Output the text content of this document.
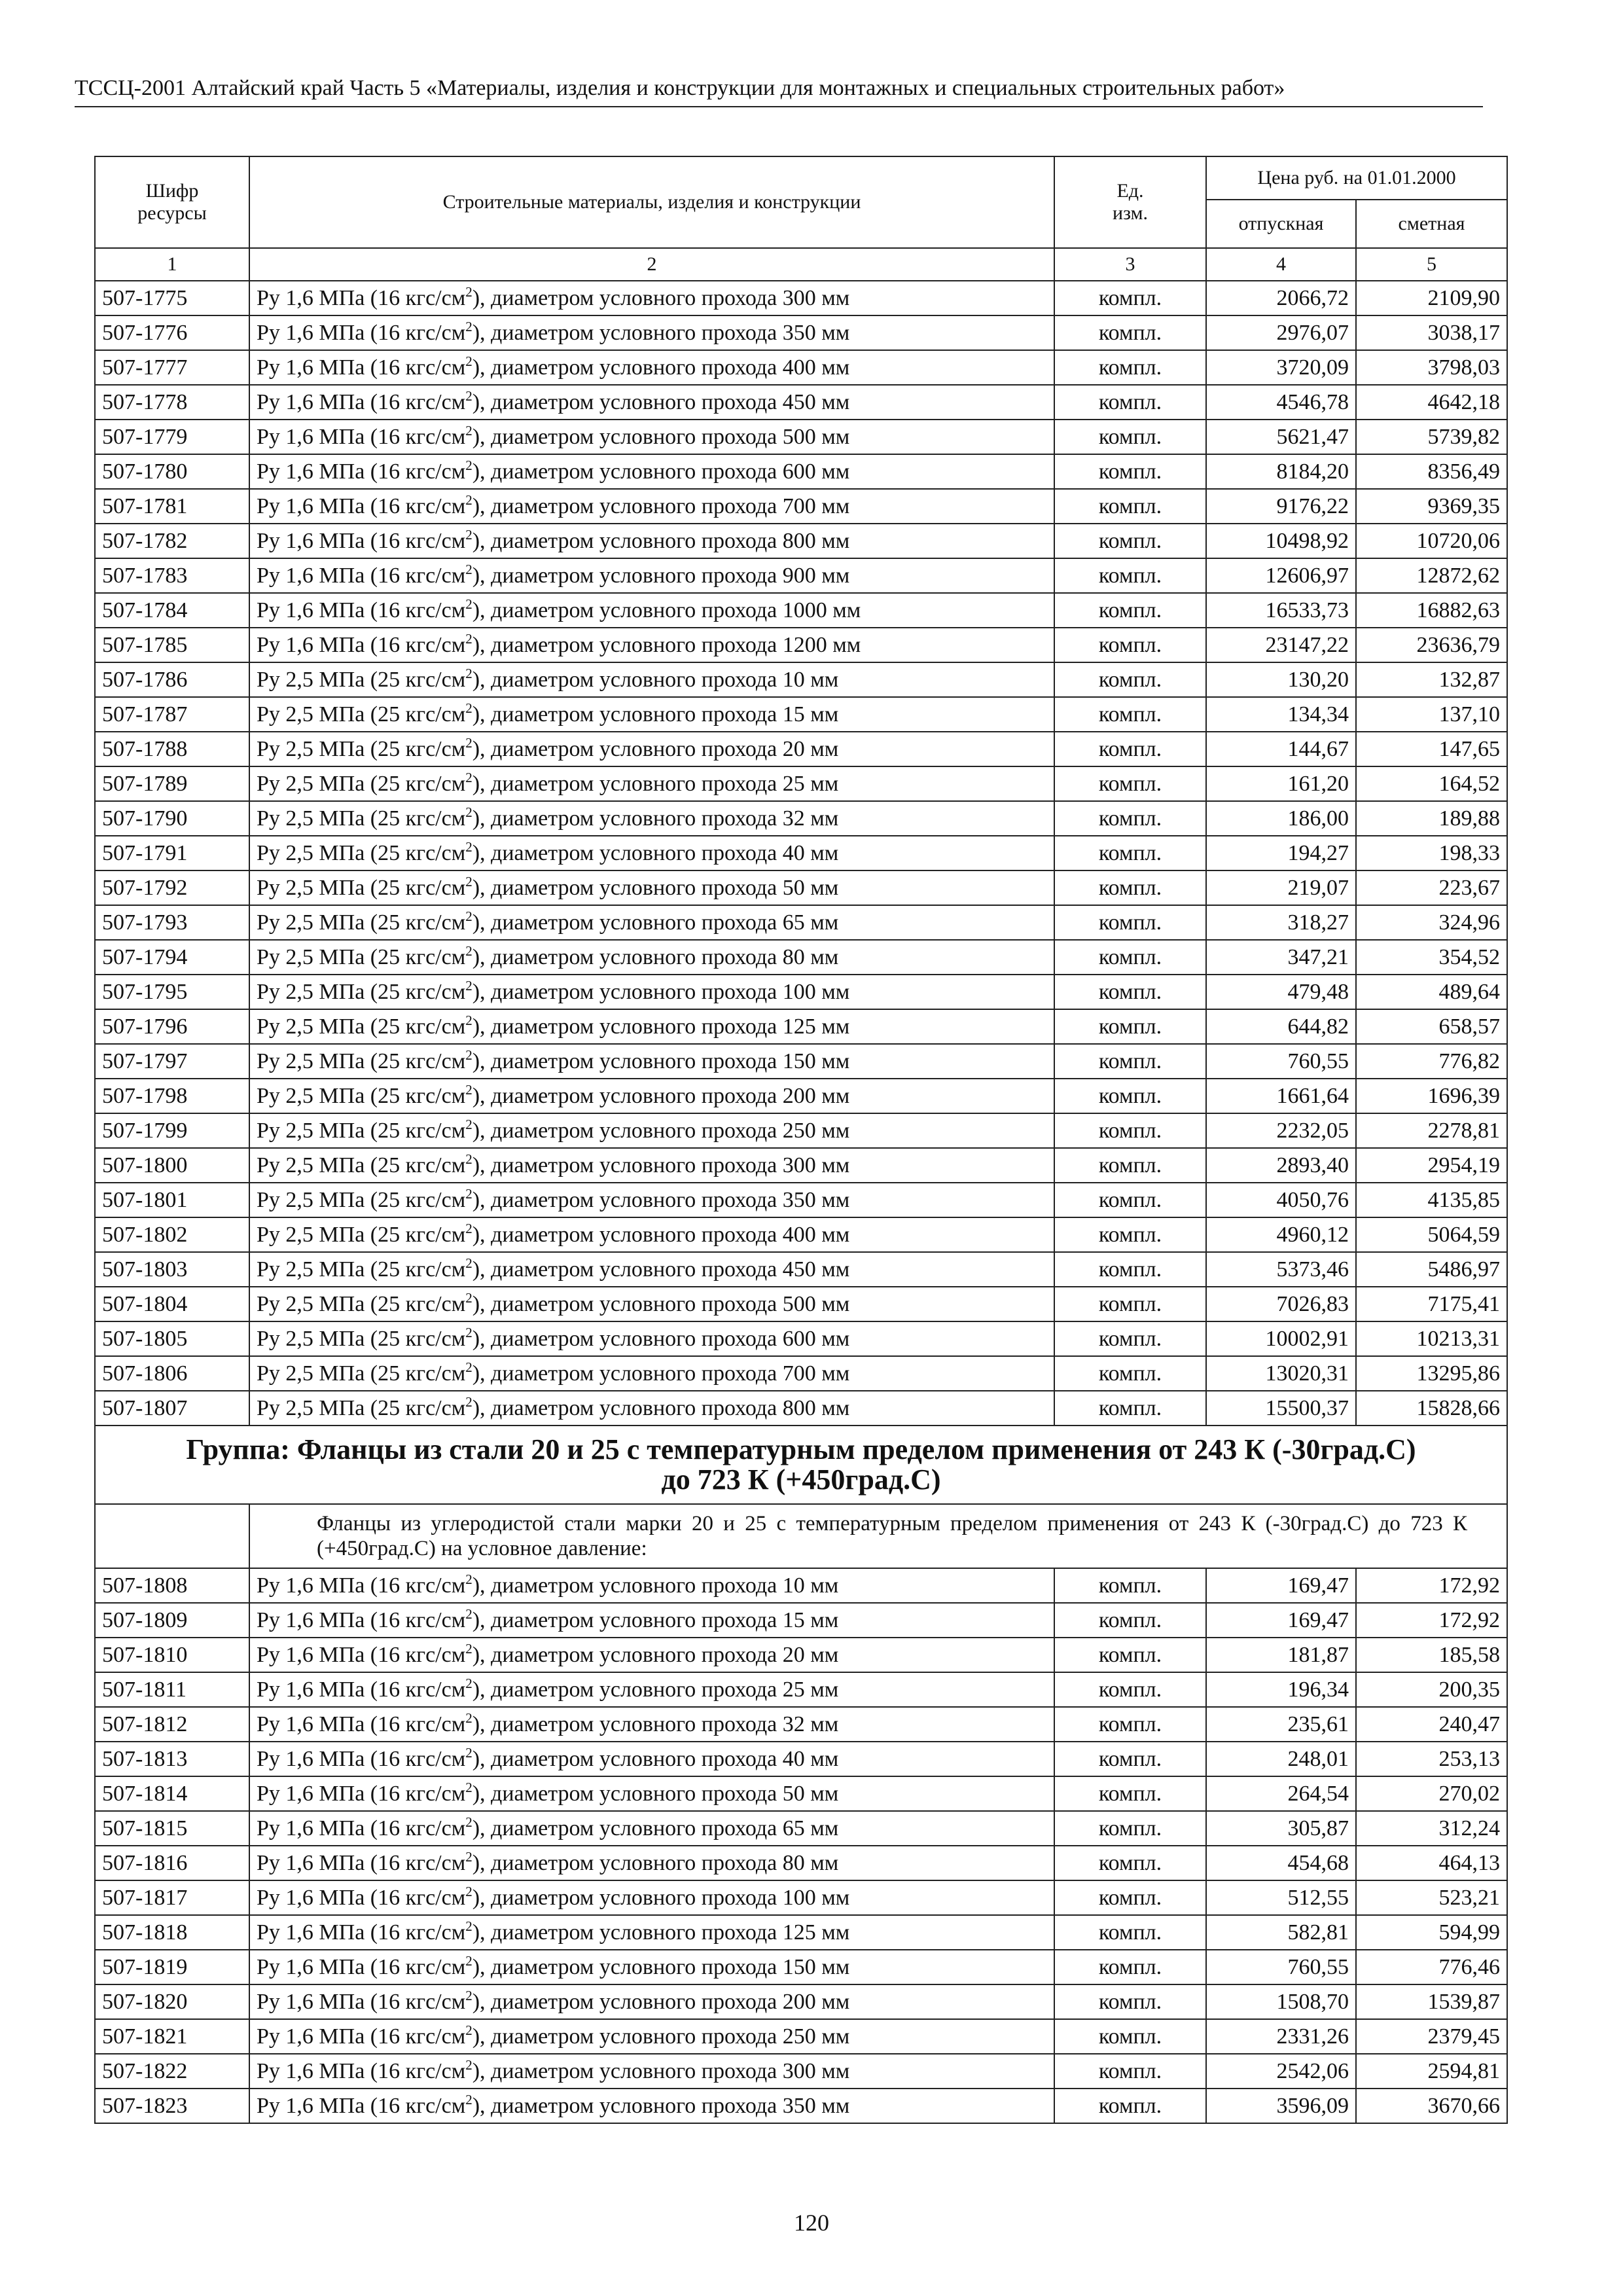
ТССЦ-2001 Алтайский край Часть 5 «Материалы, изделия и конструкции для монтажных и специальных строительных работ»
Шифр ресурсы	Строительные материалы, изделия и конструкции	Ед. изм.	Цена руб. на 01.01.2000	
			отпускная	сметная
1	2	3	4	5
507-1775	Ру 1,6 МПа (16 кгс/$см^2$), диаметром условного прохода 300 мм	компл.	2066,72	2109,90
507-1776	Ру 1,6 МПа (16 кгс/$см^2$), диаметром условного прохода 350 мм	компл.	2976,07	3038,17
507-1777	Ру 1,6 МПа (16 кгс/$см^2$), диаметром условного прохода 400 мм	компл.	3720,09	3798,03
507-1778	Ру 1,6 МПа (16 кгс/$см^2$), диаметром условного прохода 450 мм	компл.	4546,78	4642,18
507-1779	Ру 1,6 МПа (16 кгс/$см^2$), диаметром условного прохода 500 мм	компл.	5621,47	5739,82
507-1780	Ру 1,6 МПа (16 кгс/$см^2$), диаметром условного прохода 600 мм	компл.	8184,20	8356,49
507-1781	Ру 1,6 МПа (16 кгс/$см^2$), диаметром условного прохода 700 мм	компл.	9176,22	9369,35
507-1782	Ру 1,6 МПа (16 кгс/$см^2$), диаметром условного прохода 800 мм	компл.	10498,92	10720,06
507-1783	Ру 1,6 МПа (16 кгс/$см^2$), диаметром условного прохода 900 мм	компл.	12606,97	12872,62
507-1784	Ру 1,6 МПа (16 кгс/$см^2$), диаметром условного прохода 1000 мм	компл.	16533,73	16882,63
507-1785	Ру 1,6 МПа (16 кгс/$см^2$), диаметром условного прохода 1200 мм	компл.	23147,22	23636,79
507-1786	Ру 2,5 МПа (25 кгс/$см^2$), диаметром условного прохода 10 мм	компл.	130,20	132,87
507-1787	Ру 2,5 МПа (25 кгс/$см^2$), диаметром условного прохода 15 мм	компл.	134,34	137,10
507-1788	Ру 2,5 МПа (25 кгс/$см^2$), диаметром условного прохода 20 мм	компл.	144,67	147,65
507-1789	Ру 2,5 МПа (25 кгс/$см^2$), диаметром условного прохода 25 мм	компл.	161,20	164,52
507-1790	Ру 2,5 МПа (25 кгс/$см^2$), диаметром условного прохода 32 мм	компл.	186,00	189,88
507-1791	Ру 2,5 МПа (25 кгс/$см^2$), диаметром условного прохода 40 мм	компл.	194,27	198,33
507-1792	Ру 2,5 МПа (25 кгс/$см^2$), диаметром условного прохода 50 мм	компл.	219,07	223,67
507-1793	Ру 2,5 МПа (25 кгс/$см^2$), диаметром условного прохода 65 мм	компл.	318,27	324,96
507-1794	Ру 2,5 МПа (25 кгс/$см^2$), диаметром условного прохода 80 мм	компл.	347,21	354,52
507-1795	Ру 2,5 МПа (25 кгс/$см^2$), диаметром условного прохода 100 мм	компл.	479,48	489,64
507-1796	Ру 2,5 МПа (25 кгс/$см^2$), диаметром условного прохода 125 мм	компл.	644,82	658,57
507-1797	Ру 2,5 МПа (25 кгс/$см^2$), диаметром условного прохода 150 мм	компл.	760,55	776,82
507-1798	Ру 2,5 МПа (25 кгс/$см^2$), диаметром условного прохода 200 мм	компл.	1661,64	1696,39
507-1799	Ру 2,5 МПа (25 кгс/$см^2$), диаметром условного прохода 250 мм	компл.	2232,05	2278,81
507-1800	Ру 2,5 МПа (25 кгс/$см^2$), диаметром условного прохода 300 мм	компл.	2893,40	2954,19
507-1801	Ру 2,5 МПа (25 кгс/$см^2$), диаметром условного прохода 350 мм	компл.	4050,76	4135,85
507-1802	Ру 2,5 МПа (25 кгс/$см^2$), диаметром условного прохода 400 мм	компл.	4960,12	5064,59
507-1803	Ру 2,5 МПа (25 кгс/$см^2$), диаметром условного прохода 450 мм	компл.	5373,46	5486,97
507-1804	Ру 2,5 МПа (25 кгс/$см^2$), диаметром условного прохода 500 мм	компл.	7026,83	7175,41
507-1805	Ру 2,5 МПа (25 кгс/$см^2$), диаметром условного прохода 600 мм	компл.	10002,91	10213,31
507-1806	Ру 2,5 МПа (25 кгс/$см^2$), диаметром условного прохода 700 мм	компл.	13020,31	13295,86
507-1807	Ру 2,5 МПа (25 кгс/$см^2$), диаметром условного прохода 800 мм	компл.	15500,37	15828,66

Группа: Фланцы из стали 20 и 25 с температурным пределом применения от 243 К (-30град.С)
до 723 К (+450град.С)				

	Фланцы из углеродистой стали марки 20 и 25 с температурным пределом применения от 243 К (-30град.С) до 723 К (+450град.С) на условное давление:			
507-1808	Ру 1,6 МПа (16 кгс/$см^2$), диаметром условного прохода 10 мм	компл.	169,47	172,92
507-1809	Ру 1,6 МПа (16 кгс/$см^2$), диаметром условного прохода 15 мм	компл.	169,47	172,92
507-1810	Ру 1,6 МПа (16 кгс/$см^2$), диаметром условного прохода 20 мм	компл.	181,87	185,58
507-1811	Ру 1,6 МПа (16 кгс/$см^2$), диаметром условного прохода 25 мм	компл.	196,34	200,35
507-1812	Ру 1,6 МПа (16 кгс/$см^2$), диаметром условного прохода 32 мм	компл.	235,61	240,47
507-1813	Ру 1,6 МПа (16 кгс/$см^2$), диаметром условного прохода 40 мм	компл.	248,01	253,13
507-1814	Ру 1,6 МПа (16 кгс/$см^2$), диаметром условного прохода 50 мм	компл.	264,54	270,02
507-1815	Ру 1,6 МПа (16 кгс/$см^2$), диаметром условного прохода 65 мм	компл.	305,87	312,24
507-1816	Ру 1,6 МПа (16 кгс/$см^2$), диаметром условного прохода 80 мм	компл.	454,68	464,13
507-1817	Ру 1,6 МПа (16 кгс/$см^2$), диаметром условного прохода 100 мм	компл.	512,55	523,21
507-1818	Ру 1,6 МПа (16 кгс/$см^2$), диаметром условного прохода 125 мм	компл.	582,81	594,99
507-1819	Ру 1,6 МПа (16 кгс/$см^2$), диаметром условного прохода 150 мм	компл.	760,55	776,46
507-1820	Ру 1,6 МПа (16 кгс/$см^2$), диаметром условного прохода 200 мм	компл.	1508,70	1539,87
507-1821	Ру 1,6 МПа (16 кгс/$см^2$), диаметром условного прохода 250 мм	компл.	2331,26	2379,45
507-1822	Ру 1,6 МПа (16 кгс/$см^2$), диаметром условного прохода 300 мм	компл.	2542,06	2594,81
507-1823	Ру 1,6 МПа (16 кгс/$см^2$), диаметром условного прохода 350 мм	компл.	3596,09	3670,66
120
